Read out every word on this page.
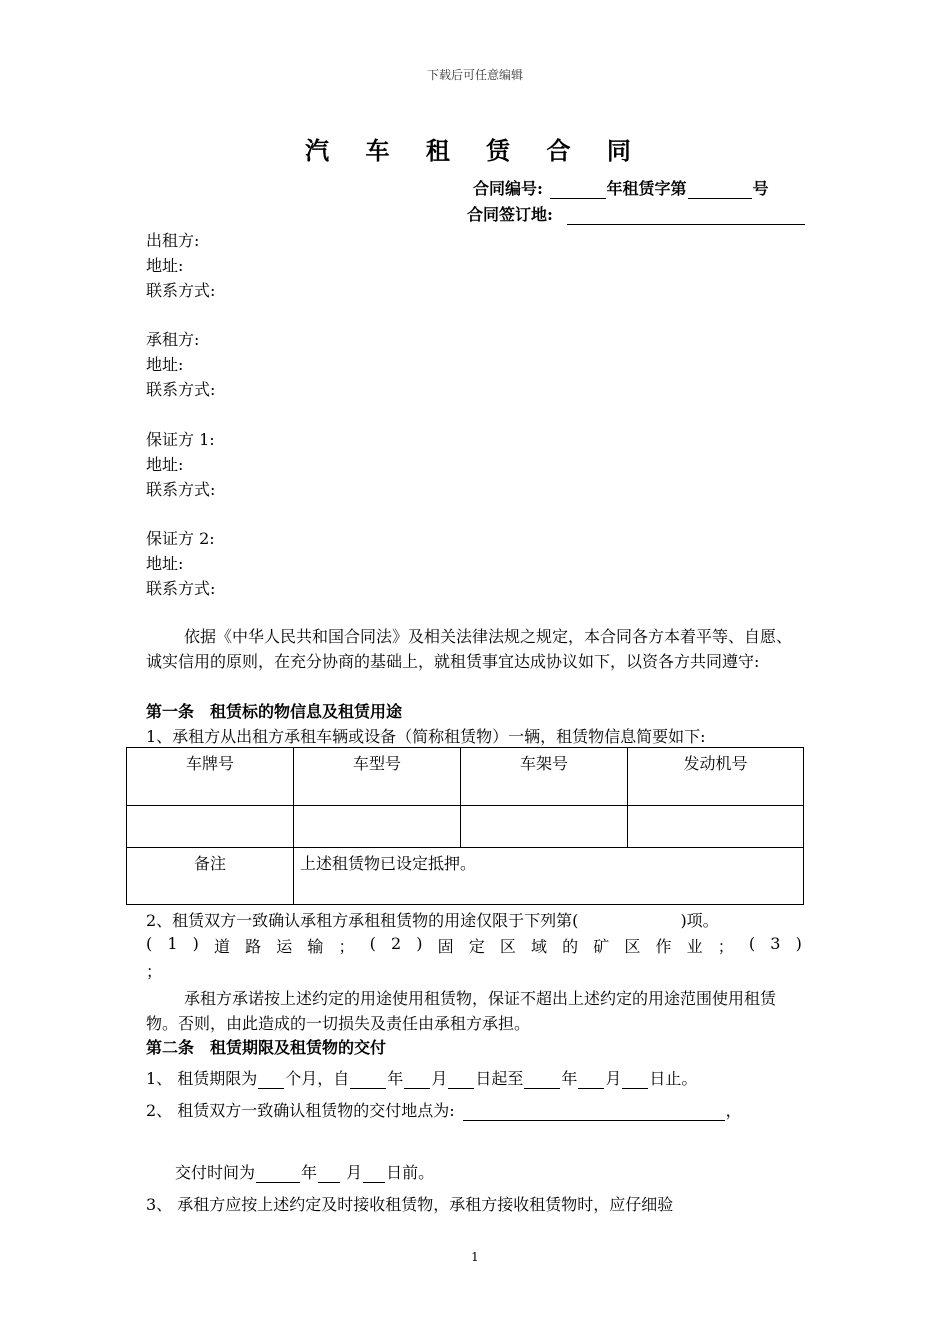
下载后可任意编辑
汽 车 租 赁 合 同
合同编号:	年租赁字第	号
合同签订地:
出租方:
地址:
联系方式:
承租方:
地址:
联系方式:
保证方 1:
地址:
联系方式:
保证方 2:
地址:
联系方式:
依据《中华人民共和国合同法》及相关法律法规之规定，本合同各方本着平等、自愿、诚实信用的原则，在充分协商的基础上，就租赁事宜达成协议如下，以资各方共同遵守:
第一条　租赁标的物信息及租赁用途
1、承租方从出租方承租车辆或设备（简称租赁物）一辆，租赁物信息简要如下:
车牌号	车型号	车架号	发动机号

备注	上述租赁物已设定抵押。		
2、租赁双方一致确认承租方承租租赁物的用途仅限于下列第(	)项。
( 1 ) 道 路 运 输 ； ( 2 ) 固 定 区 域 的 矿 区 作 业 ； ( 3 )
；
承租方承诺按上述约定的用途使用租赁物，保证不超出上述约定的用途范围使用租赁物。否则，由此造成的一切损失及责任由承租方承担。
第二条　租赁期限及租赁物的交付
1、 租赁期限为 个月，自 年 月 日起至 年 月 日止。
2、 租赁双方一致确认租赁物的交付地点为:	，
交付时间为	年 月 日前。
3、 承租方应按上述约定及时接收租赁物，承租方接收租赁物时，应仔细验
1
